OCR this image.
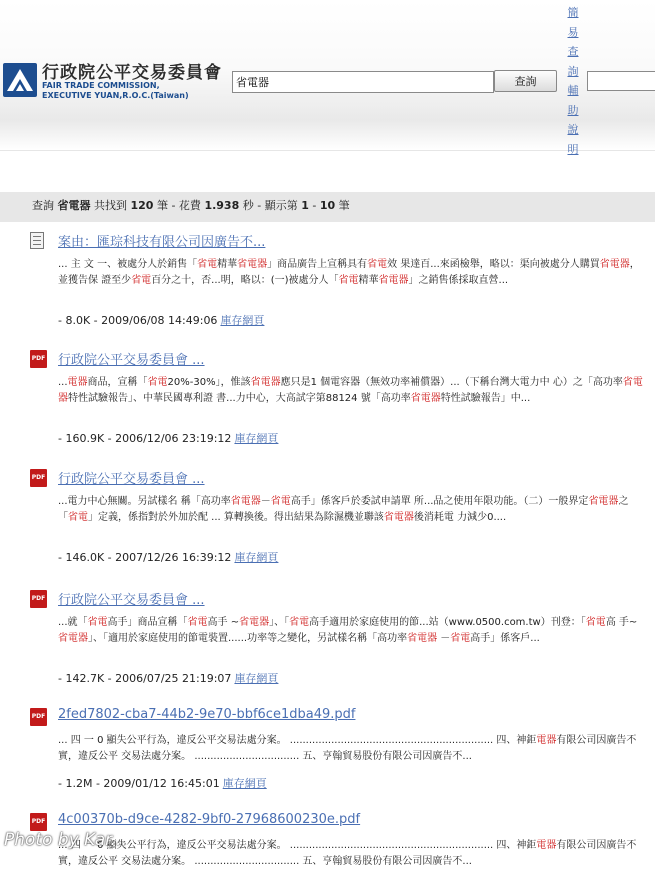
行政院公平交易委員會
FAIR TRADE COMMISSION,
EXECUTIVE YUAN,R.O.C.(Taiwan)
省電器
查詢
簡易查詢輔助說明
查詢 省電器 共找到 120 筆 - 花費 1.938 秒 - 顯示第 1 - 10 筆
案由：匯琮科技有限公司因廣告不...
... 主 文 一、被處分人於銷售「省電精華省電器」商品廣告上宣稱具有省電效 果達百...來函檢舉，略以：渠向被處分人購買省電器，並獲告保 證至少省電百分之十，否...明，略以：(一)被處分人「省電精華省電器」之銷售係採取直營...
- 8.0K - 2009/06/08 14:49:06 庫存網頁
PDF 行政院公平交易委員會 ...
...電器商品，宣稱「省電20%-30%」，惟該省電器應只是1 個電容器（無效功率補償器）...（下稱台灣大電力中 心）之「高功率省電器特性試驗報告」、中華民國專利證 書...力中心，大高試字第88124 號「高功率省電器特性試驗報告」中...
- 160.9K - 2006/12/06 23:19:12 庫存網頁
PDF 行政院公平交易委員會 ...
...電力中心無關。另試樣名 稱「高功率省電器－省電高手」係客戶於委試申請單 所...品之使用年限功能。（二）一般界定省電器之「省電」定義，係指對於外加於配 ... 算轉換後。得出結果為除濕機並聯該省電器後消耗電 力減少0....
- 146.0K - 2007/12/26 16:39:12 庫存網頁
PDF 行政院公平交易委員會 ...
...就「省電高手」商品宣稱「省電高手 ~省電器」、「省電高手適用於家庭使用的節...站（www.0500.com.tw）刊登：「省電高 手~省電器」、「適用於家庭使用的節電裝置......功率等之變化，另試樣名稱「高功率省電器 －省電高手」係客戶...
- 142.7K - 2006/07/25 21:19:07 庫存網頁
PDF 2fed7802-cba7-44b2-9e70-bbf6ce1dba49.pdf
... 四 一 0 顯失公平行為，違反公平交易法處分案。 ................................................................ 四、神鉅電器有限公司因廣告不實，違反公平 交易法處分案。 ................................. 五、亨翰貿易股份有限公司因廣告不...
- 1.2M - 2009/01/12 16:45:01 庫存網頁
PDF 4c00370b-d9ce-4282-9bf0-27968600230e.pdf
... 四 一 0 顯失公平行為，違反公平交易法處分案。 ................................................................ 四、神鉅電器有限公司因廣告不實，違反公平 交易法處分案。 ................................. 五、亨翰貿易股份有限公司因廣告不...
Photo by Kar...
